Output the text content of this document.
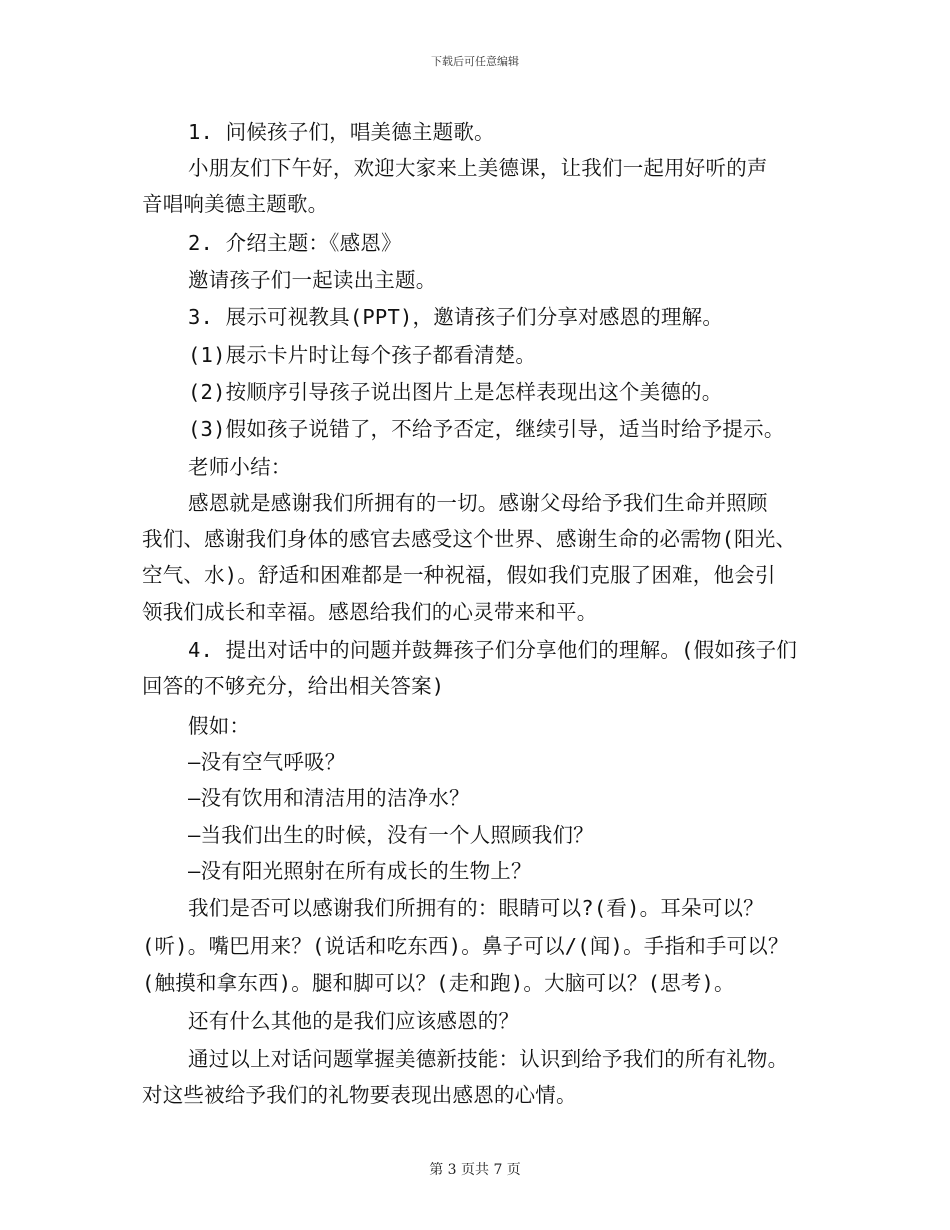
下载后可任意编辑
1. 问候孩子们，唱美德主题歌。
小朋友们下午好，欢迎大家来上美德课，让我们一起用好听的声
音唱响美德主题歌。
2. 介绍主题：《感恩》
邀请孩子们一起读出主题。
3. 展示可视教具(PPT)，邀请孩子们分享对感恩的理解。
(1)展示卡片时让每个孩子都看清楚。
(2)按顺序引导孩子说出图片上是怎样表现出这个美德的。
(3)假如孩子说错了，不给予否定，继续引导，适当时给予提示。
老师小结：
感恩就是感谢我们所拥有的一切。感谢父母给予我们生命并照顾
我们、感谢我们身体的感官去感受这个世界、感谢生命的必需物(阳光、
空气、水)。舒适和困难都是一种祝福，假如我们克服了困难，他会引
领我们成长和幸福。感恩给我们的心灵带来和平。
4. 提出对话中的问题并鼓舞孩子们分享他们的理解。(假如孩子们
回答的不够充分，给出相关答案)
假如：
—没有空气呼吸？
—没有饮用和清洁用的洁净水？
—当我们出生的时候，没有一个人照顾我们？
—没有阳光照射在所有成长的生物上？
我们是否可以感谢我们所拥有的：眼睛可以?(看)。耳朵可以？
(听)。嘴巴用来？(说话和吃东西)。鼻子可以/(闻)。手指和手可以？
(触摸和拿东西)。腿和脚可以？(走和跑)。大脑可以？(思考)。
还有什么其他的是我们应该感恩的？
通过以上对话问题掌握美德新技能：认识到给予我们的所有礼物。
对这些被给予我们的礼物要表现出感恩的心情。
第 3 页共 7 页
